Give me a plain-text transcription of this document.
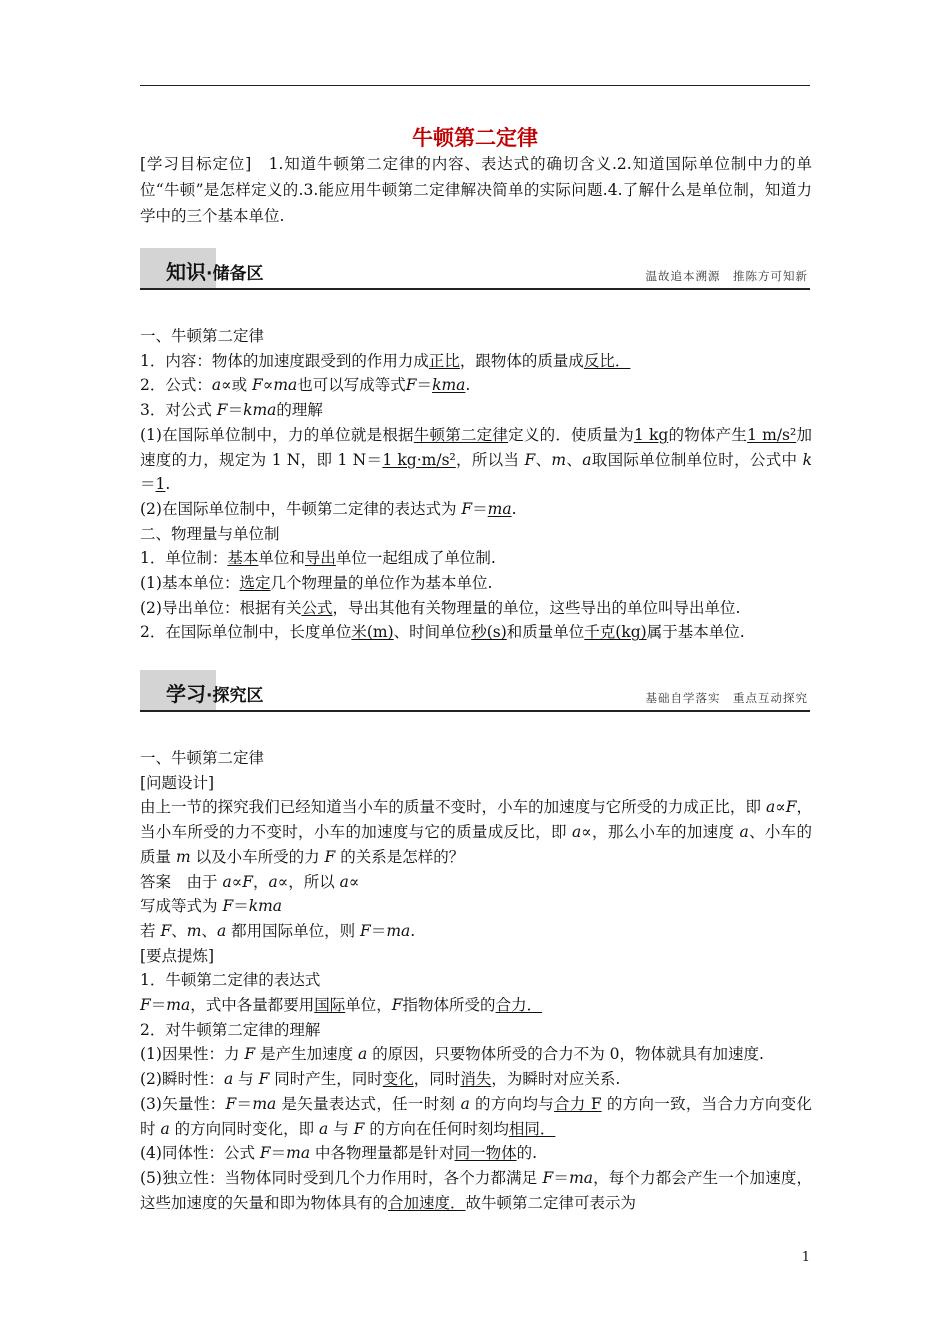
牛顿第二定律
[学习目标定位]　1.知道牛顿第二定律的内容、表达式的确切含义.2.知道国际单位制中力的单位“牛顿”是怎样定义的.3.能应用牛顿第二定律解决简单的实际问题.4.了解什么是单位制，知道力学中的三个基本单位.
知识·储备区	温故追本溯源　推陈方可知新

一、牛顿第二定律

1．内容：物体的加速度跟受到的作用力成正比，跟物体的质量成反比．

2．公式：a∝或 F∝ma也可以写成等式F＝kma.

3．对公式 F＝kma的理解

(1)在国际单位制中，力的单位就是根据牛顿第二定律定义的．使质量为1 kg的物体产生1 m/s²加速度的力，规定为 1 N，即 1 N＝1 kg·m/s²，所以当 F、m、a取国际单位制单位时，公式中 k＝1.

(2)在国际单位制中，牛顿第二定律的表达式为 F＝ma.

二、物理量与单位制

1．单位制：基本单位和导出单位一起组成了单位制.

(1)基本单位：选定几个物理量的单位作为基本单位.

(2)导出单位：根据有关公式，导出其他有关物理量的单位，这些导出的单位叫导出单位.

2．在国际单位制中，长度单位米(m)、时间单位秒(s)和质量单位千克(kg)属于基本单位.

学习·探究区	基础自学落实　重点互动探究

一、牛顿第二定律

[问题设计]

由上一节的探究我们已经知道当小车的质量不变时，小车的加速度与它所受的力成正比，即 a∝F，当小车所受的力不变时，小车的加速度与它的质量成反比，即 a∝，那么小车的加速度 a、小车的质量 m 以及小车所受的力 F 的关系是怎样的？

答案　由于 a∝F，a∝，所以 a∝

写成等式为 F＝kma

若 F、m、a 都用国际单位，则 F＝ma.

[要点提炼]

1．牛顿第二定律的表达式

F＝ma，式中各量都要用国际单位，F指物体所受的合力．

2．对牛顿第二定律的理解

(1)因果性：力 F 是产生加速度 a 的原因，只要物体所受的合力不为 0，物体就具有加速度.

(2)瞬时性：a 与 F 同时产生，同时变化，同时消失，为瞬时对应关系.

(3)矢量性：F＝ma 是矢量表达式，任一时刻 a 的方向均与合力 F 的方向一致，当合力方向变化时 a 的方向同时变化，即 a 与 F 的方向在任何时刻均相同．

(4)同体性：公式 F＝ma 中各物理量都是针对同一物体的.

(5)独立性：当物体同时受到几个力作用时，各个力都满足 F＝ma，每个力都会产生一个加速度，这些加速度的矢量和即为物体具有的合加速度．故牛顿第二定律可表示为

1
